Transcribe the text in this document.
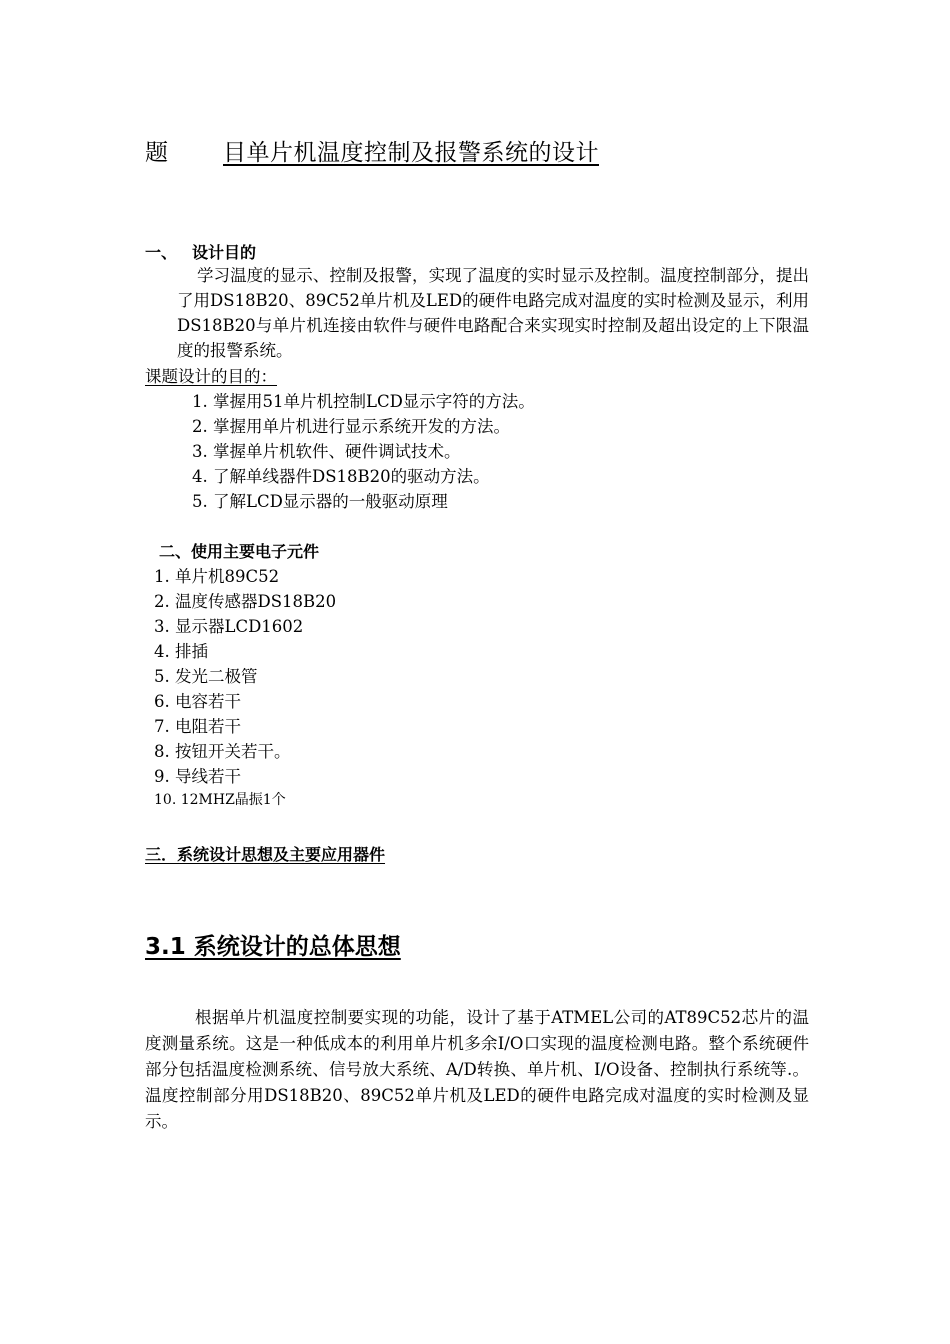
题 目单片机温度控制及报警系统的设计
一、 设计目的

学习温度的显示、控制及报警，实现了温度的实时显示及控制。温度控制部分，提出了用DS18B20、89C52单片机及LED的硬件电路完成对温度的实时检测及显示，利用DS18B20与单片机连接由软件与硬件电路配合来实现实时控制及超出设定的上下限温度的报警系统。

课题设计的目的：
1. 掌握用51单片机控制LCD显示字符的方法。
2. 掌握用单片机进行显示系统开发的方法。
3. 掌握单片机软件、硬件调试技术。
4. 了解单线器件DS18B20的驱动方法。
5. 了解LCD显示器的一般驱动原理
二、使用主要电子元件
1. 单片机89C52
2. 温度传感器DS18B20
3. 显示器LCD1602
4. 排插
5. 发光二极管
6. 电容若干
7. 电阻若干
8. 按钮开关若干。
9. 导线若干
10. 12MHZ晶振1个
三．系统设计思想及主要应用器件
3.1 系统设计的总体思想

根据单片机温度控制要实现的功能，设计了基于ATMEL公司的AT89C52芯片的温度测量系统。这是一种低成本的利用单片机多余I/O口实现的温度检测电路。整个系统硬件部分包括温度检测系统、信号放大系统、A/D转换、单片机、I/O设备、控制执行系统等.。温度控制部分用DS18B20、89C52单片机及LED的硬件电路完成对温度的实时检测及显示。
